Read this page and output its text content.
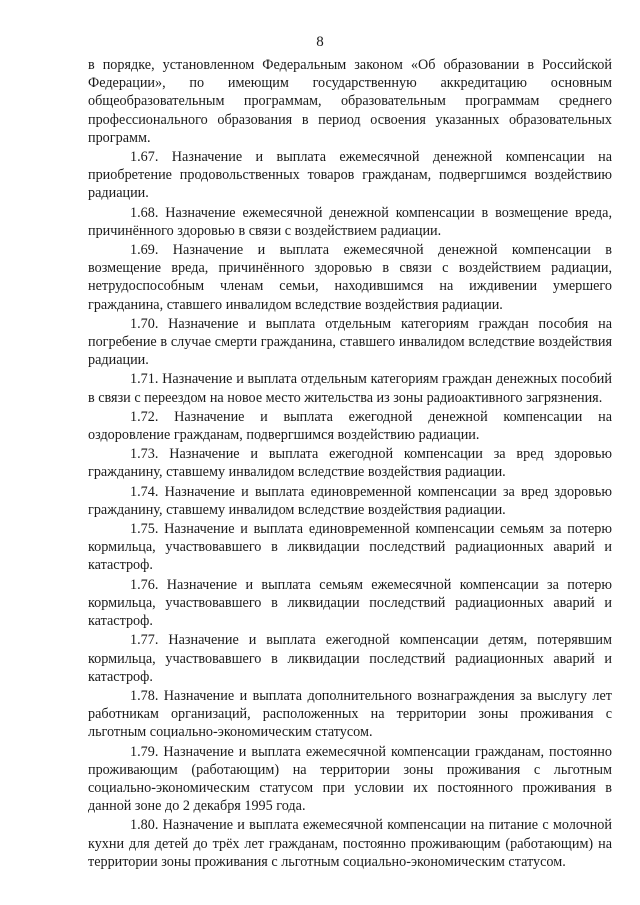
8

в порядке, установленном Федеральным законом «Об образовании в Российской Федерации», по имеющим государственную аккредитацию основным общеобразовательным программам, образовательным программам среднего профессионального образования в период освоения указанных образовательных программ.

1.67. Назначение и выплата ежемесячной денежной компенсации на приобретение продовольственных товаров гражданам, подвергшимся воздействию радиации.

1.68. Назначение ежемесячной денежной компенсации в возмещение вреда, причинённого здоровью в связи с воздействием радиации.

1.69. Назначение и выплата ежемесячной денежной компенсации в возмещение вреда, причинённого здоровью в связи с воздействием радиации, нетрудоспособным членам семьи, находившимся на иждивении умершего гражданина, ставшего инвалидом вследствие воздействия радиации.

1.70. Назначение и выплата отдельным категориям граждан пособия на погребение в случае смерти гражданина, ставшего инвалидом вследствие воздействия радиации.

1.71. Назначение и выплата отдельным категориям граждан денежных пособий в связи с переездом на новое место жительства из зоны радиоактивного загрязнения.

1.72. Назначение и выплата ежегодной денежной компенсации на оздоровление гражданам, подвергшимся воздействию радиации.

1.73. Назначение и выплата ежегодной компенсации за вред здоровью гражданину, ставшему инвалидом вследствие воздействия радиации.

1.74. Назначение и выплата единовременной компенсации за вред здоровью гражданину, ставшему инвалидом вследствие воздействия радиации.

1.75. Назначение и выплата единовременной компенсации семьям за потерю кормильца, участвовавшего в ликвидации последствий радиационных аварий и катастроф.

1.76. Назначение и выплата семьям ежемесячной компенсации за потерю кормильца, участвовавшего в ликвидации последствий радиационных аварий и катастроф.

1.77. Назначение и выплата ежегодной компенсации детям, потерявшим кормильца, участвовавшего в ликвидации последствий радиационных аварий и катастроф.

1.78. Назначение и выплата дополнительного вознаграждения за выслугу лет работникам организаций, расположенных на территории зоны проживания с льготным социально-экономическим статусом.

1.79. Назначение и выплата ежемесячной компенсации гражданам, постоянно проживающим (работающим) на территории зоны проживания с льготным социально-экономическим статусом при условии их постоянного проживания в данной зоне до 2 декабря 1995 года.

1.80. Назначение и выплата ежемесячной компенсации на питание с молочной кухни для детей до трёх лет гражданам, постоянно проживающим (работающим) на территории зоны проживания с льготным социально-экономическим статусом.
